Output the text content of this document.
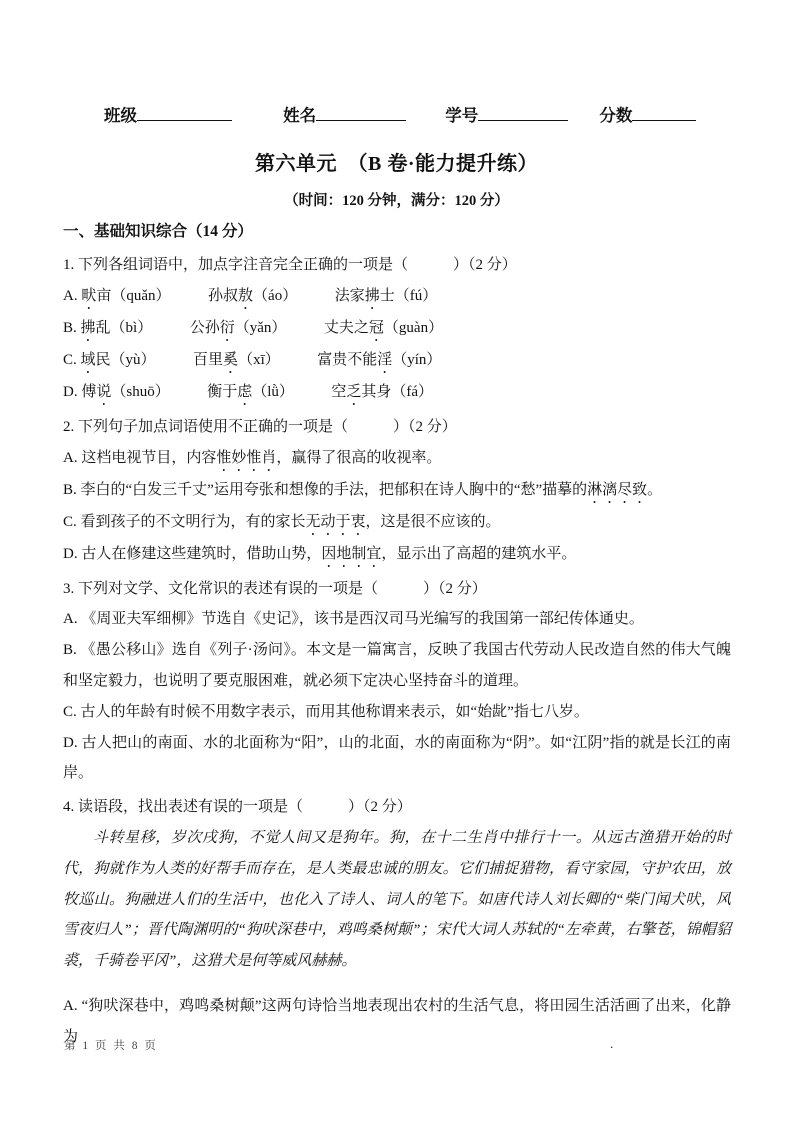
班级	姓名	学号	分数
第六单元　（B 卷·能力提升练）
（时间：120 分钟，满分：120 分）
一、基础知识综合（14 分）
1. 下列各组词语中，加点字注音完全正确的一项是（　　　）（2 分）
A. 畎亩（quǎn）　　　孙叔敖（áo）　　　法家拂士（fú）
B. 拂乱（bì）　　　公孙衍（yǎn）　　　丈夫之冠（guàn）
C. 域民（yù）　　　百里奚（xī）　　　富贵不能淫（yín）
D. 傅说（shuō）　　　衡于虑（lǜ）　　　空乏其身（fá）
2. 下列句子加点词语使用不正确的一项是（　　　）（2 分）
A. 这档电视节目，内容惟妙惟肖，赢得了很高的收视率。
B. 李白的“白发三千丈”运用夸张和想像的手法，把郁积在诗人胸中的“愁”描摹的淋漓尽致。
C. 看到孩子的不文明行为，有的家长无动于衷，这是很不应该的。
D. 古人在修建这些建筑时，借助山势，因地制宜，显示出了高超的建筑水平。
3. 下列对文学、文化常识的表述有误的一项是（　　　）（2 分）
A. 《周亚夫军细柳》节选自《史记》，该书是西汉司马光编写的我国第一部纪传体通史。
B. 《愚公移山》选自《列子·汤问》。本文是一篇寓言，反映了我国古代劳动人民改造自然的伟大气魄和坚定毅力，也说明了要克服困难，就必须下定决心坚持奋斗的道理。
C. 古人的年龄有时候不用数字表示，而用其他称谓来表示，如“始龀”指七八岁。
D. 古人把山的南面、水的北面称为“阳”，山的北面，水的南面称为“阴”。如“江阴”指的就是长江的南岸。
4. 读语段，找出表述有误的一项是（　　　）（2 分）
斗转星移，岁次戌狗，不觉人间又是狗年。狗，在十二生肖中排行十一。从远古渔猎开始的时代，狗就作为人类的好帮手而存在，是人类最忠诚的朋友。它们捕捉猎物，看守家园，守护农田，放牧巡山。狗融进人们的生活中，也化入了诗人、词人的笔下。如唐代诗人刘长卿的“柴门闻犬吠，风雪夜归人”；晋代陶渊明的“狗吠深巷中，鸡鸣桑树颠”；宋代大词人苏轼的“左牵黄，右擎苍，锦帽貂裘，千骑卷平冈”，这猎犬是何等威风赫赫。
A. “狗吠深巷中，鸡鸣桑树颠”这两句诗恰当地表现出农村的生活气息，将田园生活活画了出来，化静为
第 1 页 共 8 页	.
